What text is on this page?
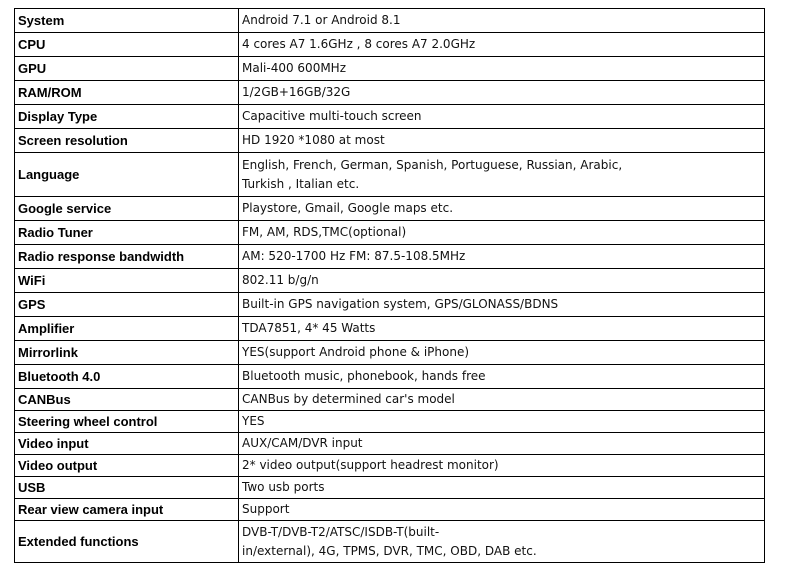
System	Android 7.1 or Android 8.1
CPU	4 cores A7 1.6GHz , 8 cores A7 2.0GHz
GPU	Mali-400 600MHz
RAM/ROM	1/2GB+16GB/32G
Display Type	Capacitive multi-touch screen
Screen resolution	HD 1920 *1080 at most
Language	English, French, German, Spanish, Portuguese, Russian, Arabic,
Turkish , Italian etc.

Google service	Playstore, Gmail, Google maps etc.
Radio Tuner	FM, AM, RDS,TMC(optional)
Radio response bandwidth	AM: 520-1700 Hz FM: 87.5-108.5MHz
WiFi	802.11 b/g/n
GPS	Built-in GPS navigation system, GPS/GLONASS/BDNS
Amplifier	TDA7851, 4* 45 Watts
Mirrorlink	YES(support Android phone & iPhone)
Bluetooth 4.0	Bluetooth music, phonebook, hands free
CANBus	CANBus by determined car's model
Steering wheel control	YES
Video input	AUX/CAM/DVR input
Video output	2* video output(support headrest monitor)
USB	Two usb ports
Rear view camera input	Support
Extended functions	DVB-T/DVB-T2/ATSC/ISDB-T(built-
in/external), 4G, TPMS, DVR, TMC, OBD, DAB etc.
